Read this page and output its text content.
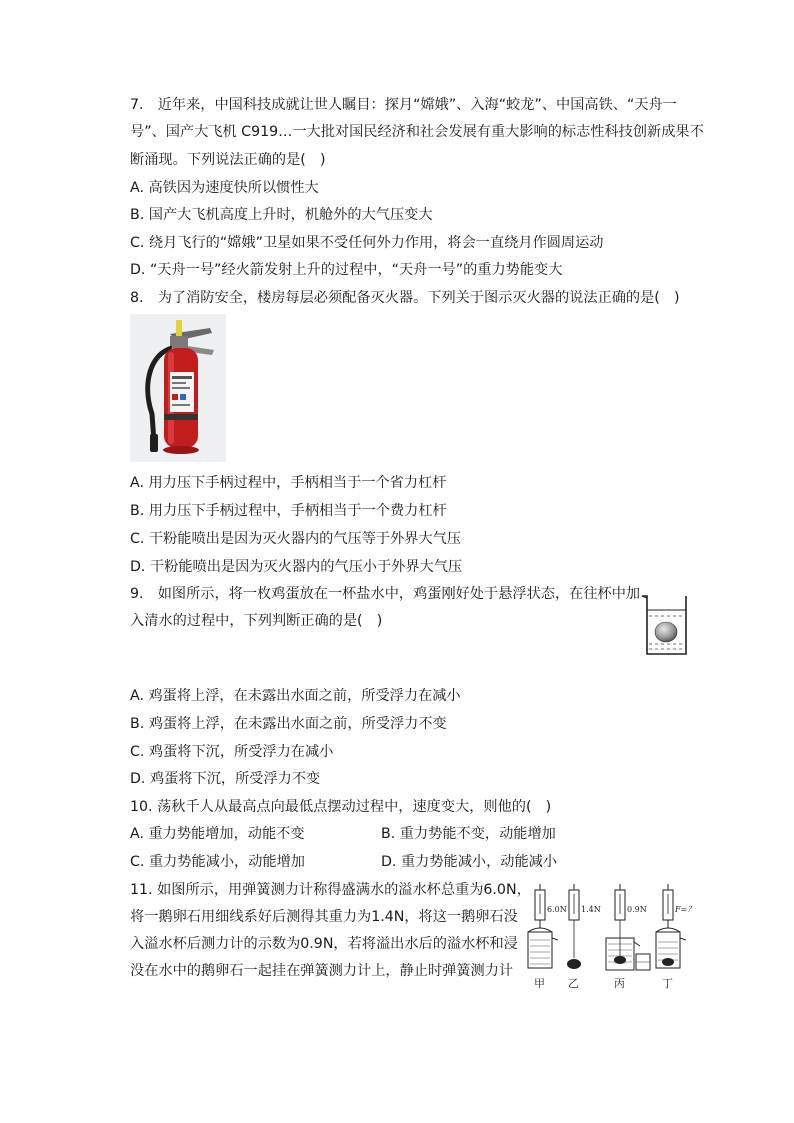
7.　近年来，中国科技成就让世人瞩目：探月“嫦娥”、入海“蛟龙”、中国高铁、“天舟一
号”、国产大飞机 C919…一大批对国民经济和社会发展有重大影响的标志性科技创新成果不
断涌现。下列说法正确的是(　)
A. 高铁因为速度快所以惯性大
B. 国产大飞机高度上升时，机舱外的大气压变大
C. 绕月飞行的“嫦娥”卫星如果不受任何外力作用，将会一直绕月作圆周运动
D. “天舟一号”经火箭发射上升的过程中，“天舟一号”的重力势能变大
8.　为了消防安全，楼房每层必须配备灭火器。下列关于图示灭火器的说法正确的是(　)
A. 用力压下手柄过程中，手柄相当于一个省力杠杆
B. 用力压下手柄过程中，手柄相当于一个费力杠杆
C. 干粉能喷出是因为灭火器内的气压等于外界大气压
D. 干粉能喷出是因为灭火器内的气压小于外界大气压
9.　如图所示，将一枚鸡蛋放在一杯盐水中，鸡蛋刚好处于悬浮状态，在往杯中加
入清水的过程中，下列判断正确的是(　)
A. 鸡蛋将上浮，在未露出水面之前，所受浮力在减小
B. 鸡蛋将上浮，在未露出水面之前，所受浮力不变
C. 鸡蛋将下沉，所受浮力在减小
D. 鸡蛋将下沉，所受浮力不变
10. 荡秋千人从最高点向最低点摆动过程中，速度变大，则他的(　)
A. 重力势能增加，动能不变	B. 重力势能不变，动能增加
C. 重力势能减小，动能增加	D. 重力势能减小，动能减小
11. 如图所示，用弹簧测力计称得盛满水的溢水杯总重为6.0N，
将一鹅卵石用细线系好后测得其重力为1.4N，将这一鹅卵石没
入溢水杯后测力计的示数为0.9N，若将溢出水后的溢水杯和浸
没在水中的鹅卵石一起挂在弹簧测力计上，静止时弹簧测力计
6.0N
甲
1.4N
乙
0.9N
丙
F=？
丁
